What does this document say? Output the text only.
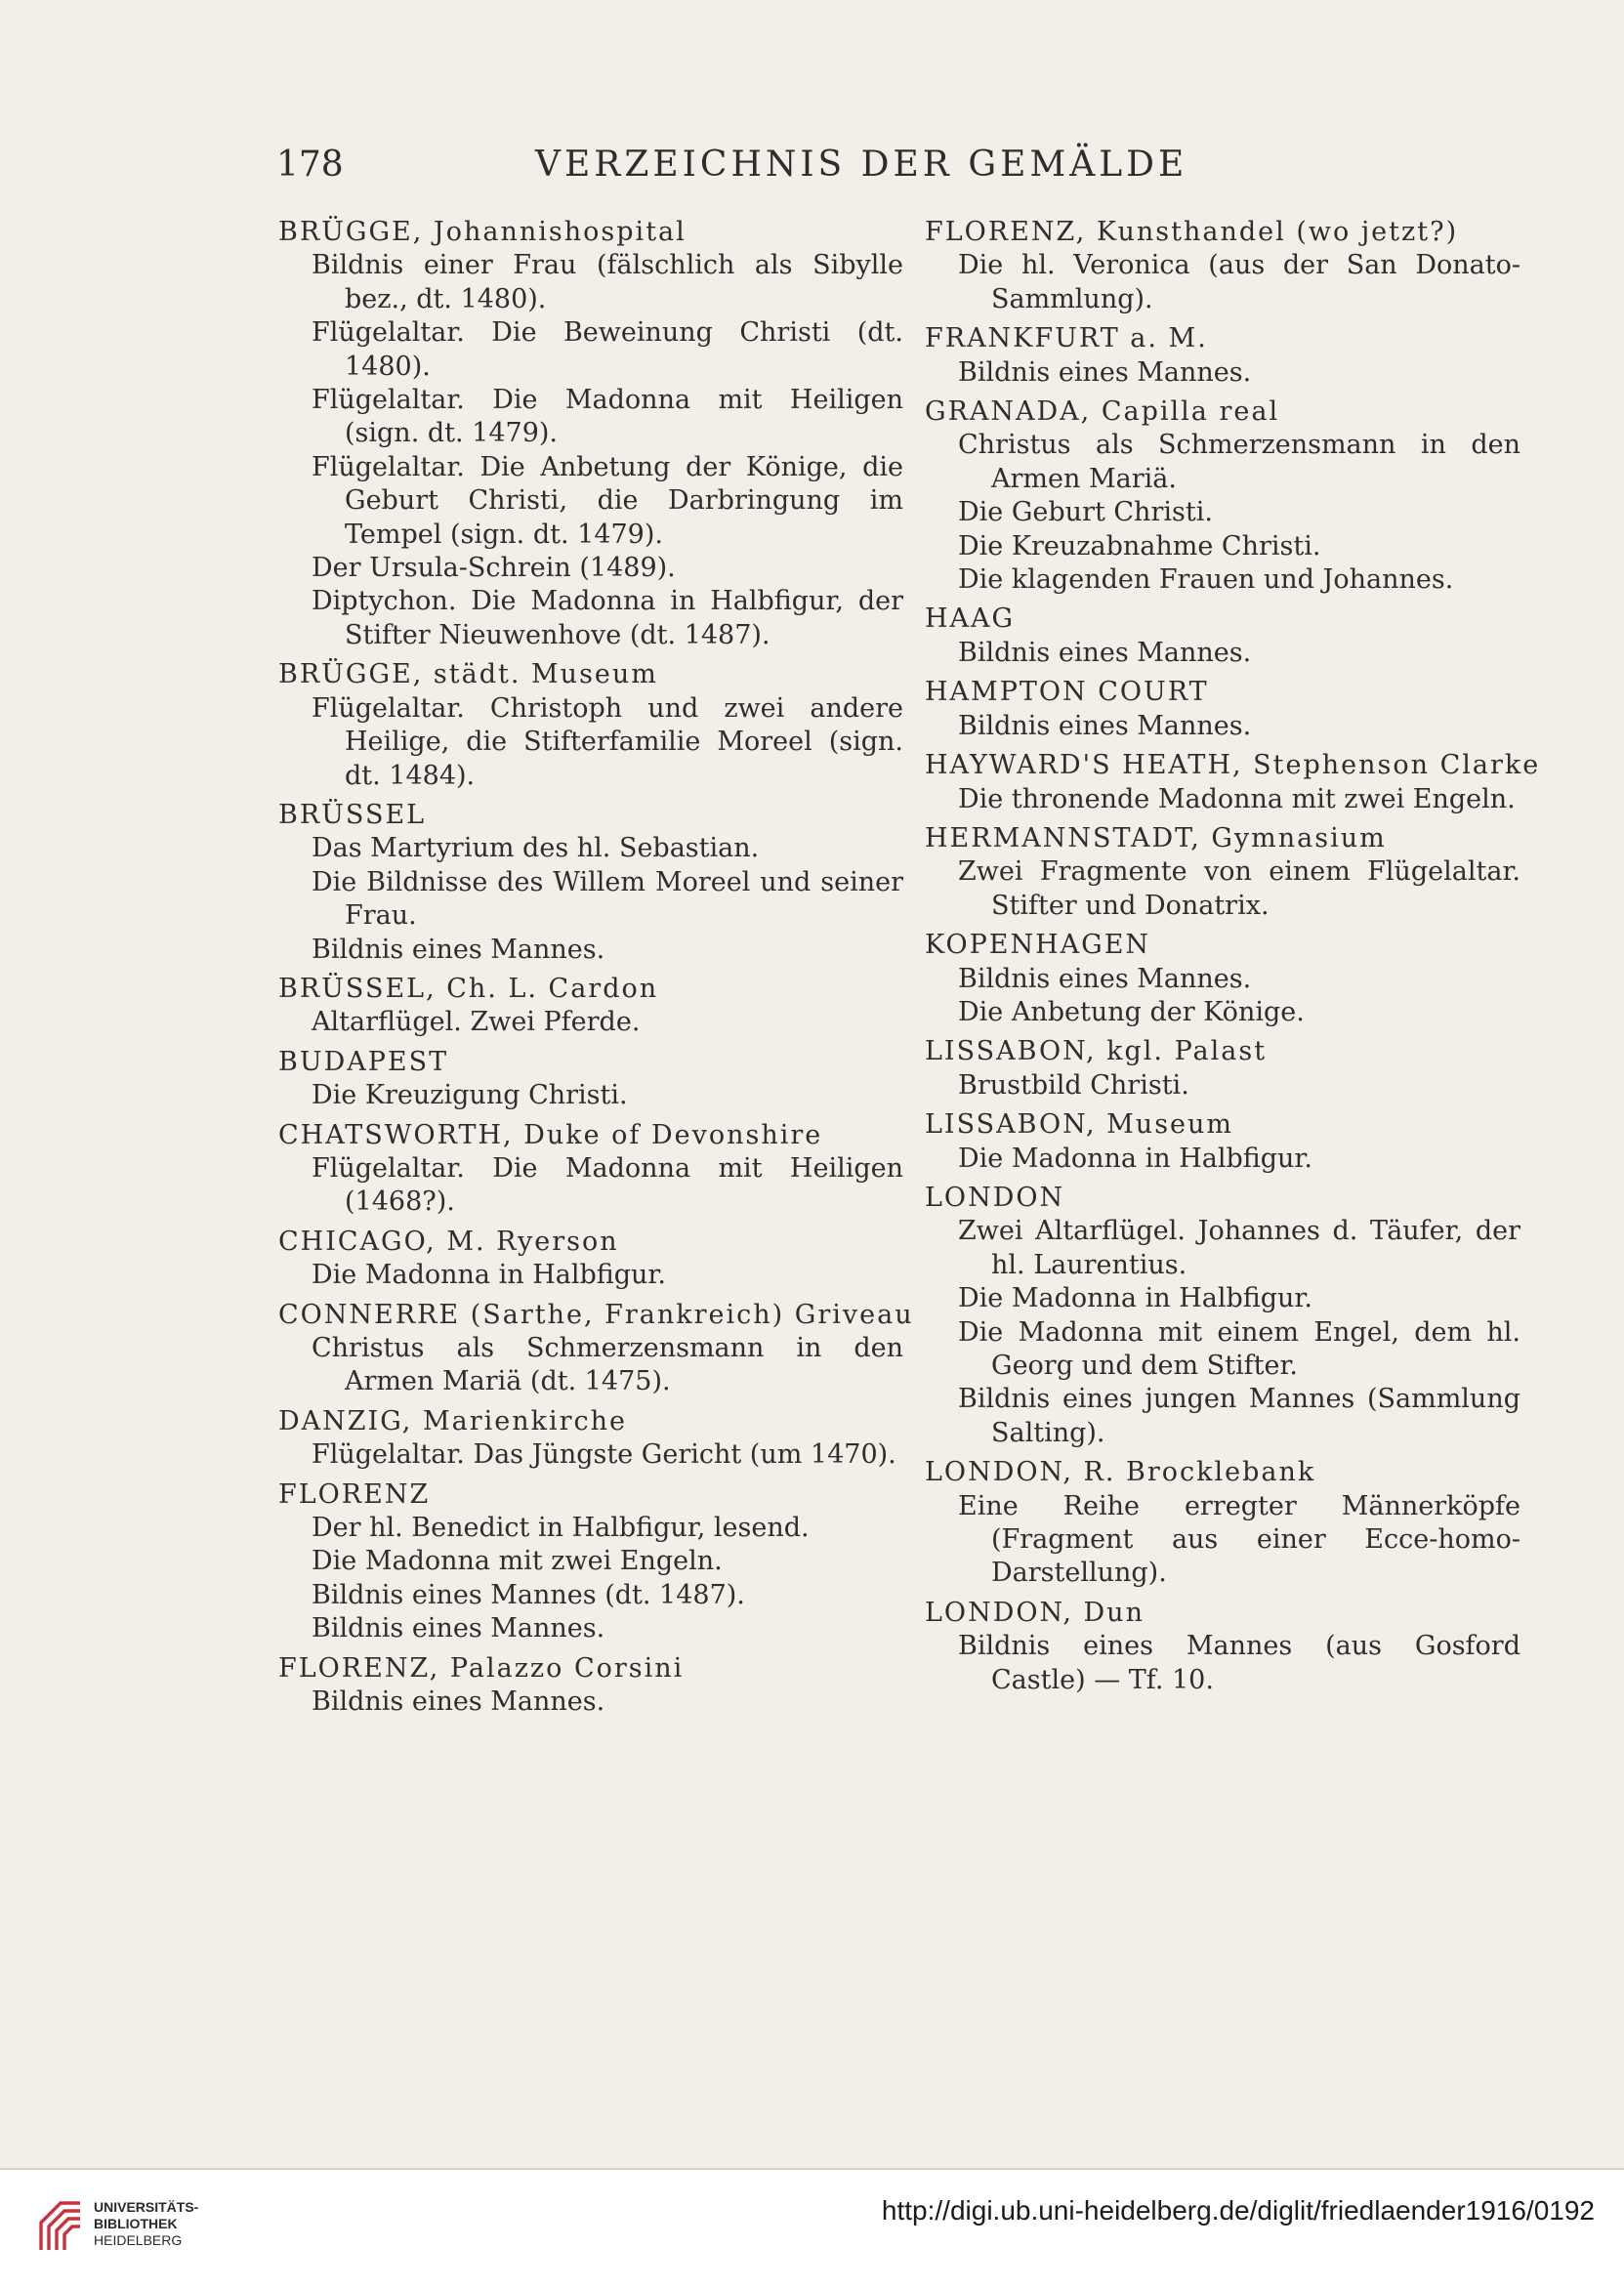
178	VERZEICHNIS DER GEMÄLDE
BRÜGGE, Johannishospital
Bildnis einer Frau (fälschlich als Sibylle bez., dt. 1480).
Flügelaltar. Die Beweinung Christi (dt. 1480).
Flügelaltar. Die Madonna mit Heiligen (sign. dt. 1479).
Flügelaltar. Die Anbetung der Könige, die Geburt Christi, die Darbringung im Tempel (sign. dt. 1479).
Der Ursula-Schrein (1489).
Diptychon. Die Madonna in Halbfigur, der Stifter Nieuwenhove (dt. 1487).
BRÜGGE, städt. Museum
Flügelaltar. Christoph und zwei andere Heilige, die Stifterfamilie Moreel (sign. dt. 1484).
BRÜSSEL
Das Martyrium des hl. Sebastian.
Die Bildnisse des Willem Moreel und seiner Frau.
Bildnis eines Mannes.
BRÜSSEL, Ch. L. Cardon
Altarflügel. Zwei Pferde.
BUDAPEST
Die Kreuzigung Christi.
CHATSWORTH, Duke of Devonshire
Flügelaltar. Die Madonna mit Heiligen (1468?).
CHICAGO, M. Ryerson
Die Madonna in Halbfigur.
CONNERRE (Sarthe, Frankreich) Griveau
Christus als Schmerzensmann in den Armen Mariä (dt. 1475).
DANZIG, Marienkirche
Flügelaltar. Das Jüngste Gericht (um 1470).
FLORENZ
Der hl. Benedict in Halbfigur, lesend.
Die Madonna mit zwei Engeln.
Bildnis eines Mannes (dt. 1487).
Bildnis eines Mannes.
FLORENZ, Palazzo Corsini
Bildnis eines Mannes.
FLORENZ, Kunsthandel (wo jetzt?)
Die hl. Veronica (aus der San Donato-Sammlung).
FRANKFURT a. M.
Bildnis eines Mannes.
GRANADA, Capilla real
Christus als Schmerzensmann in den Armen Mariä.
Die Geburt Christi.
Die Kreuzabnahme Christi.
Die klagenden Frauen und Johannes.
HAAG
Bildnis eines Mannes.
HAMPTON COURT
Bildnis eines Mannes.
HAYWARD'S HEATH, Stephenson Clarke
Die thronende Madonna mit zwei Engeln.
HERMANNSTADT, Gymnasium
Zwei Fragmente von einem Flügelaltar. Stifter und Donatrix.
KOPENHAGEN
Bildnis eines Mannes.
Die Anbetung der Könige.
LISSABON, kgl. Palast
Brustbild Christi.
LISSABON, Museum
Die Madonna in Halbfigur.
LONDON
Zwei Altarflügel. Johannes d. Täufer, der hl. Laurentius.
Die Madonna in Halbfigur.
Die Madonna mit einem Engel, dem hl. Georg und dem Stifter.
Bildnis eines jungen Mannes (Sammlung Salting).
LONDON, R. Brocklebank
Eine Reihe erregter Männerköpfe (Fragment aus einer Ecce-homo-Darstellung).
LONDON, Dun
Bildnis eines Mannes (aus Gosford Castle) — Tf. 10.
UNIVERSITÄTS-
BIBLIOTHEK
HEIDELBERG
http://digi.ub.uni-heidelberg.de/diglit/friedlaender1916/0192
